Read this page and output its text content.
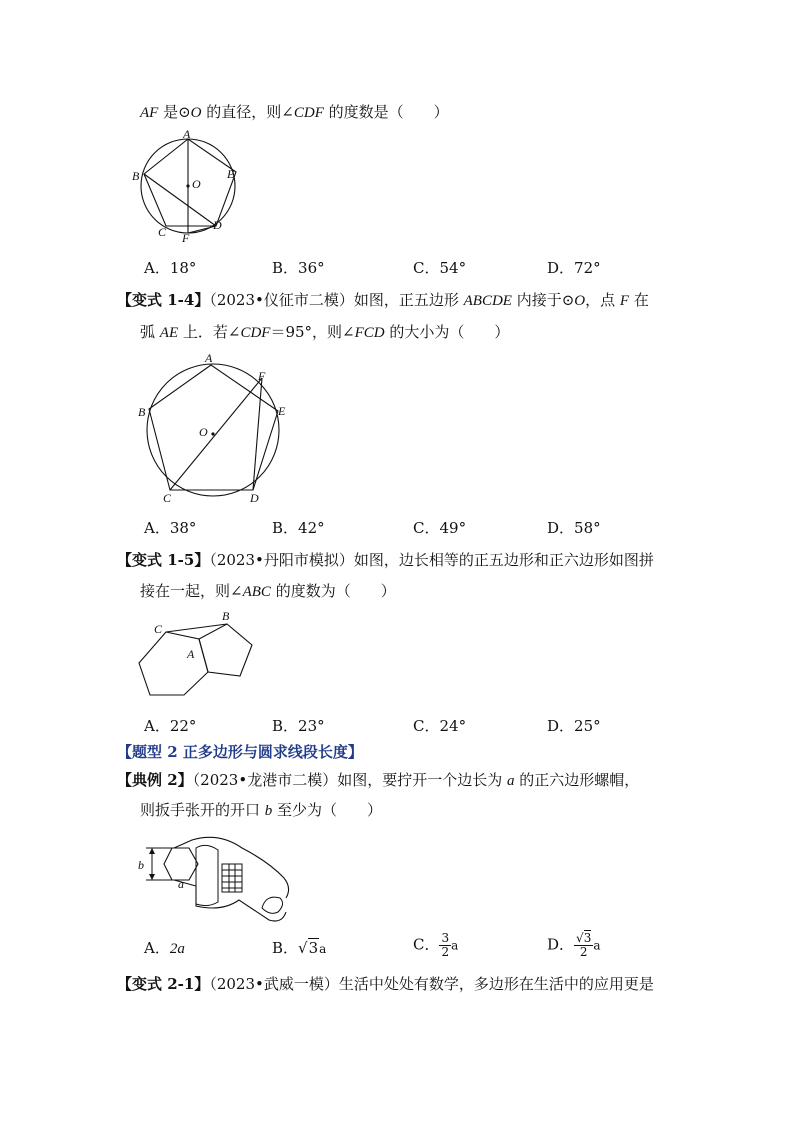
AF 是⊙O 的直径，则∠CDF 的度数是（　　）
A
B
C	D
E
F
O
A．18°	B．36°	C．54°	D．72°
【变式 1-4】（2023•仪征市二模）如图，正五边形 ABCDE 内接于⊙O，点 F 在
弧 AE 上．若∠CDF＝95°，则∠FCD 的大小为（　　）
A
B
C	D
E
F
O
A．38°	B．42°	C．49°	D．58°
【变式 1-5】（2023•丹阳市模拟）如图，边长相等的正五边形和正六边形如图拼
接在一起，则∠ABC 的度数为（　　）
A
B
C
A．22°	B．23°	C．24°	D．25°
【题型 2 正多边形与圆求线段长度】
【典例 2】（2023•龙港市二模）如图，要拧开一个边长为 a 的正六边形螺帽，
则扳手张开的开口 b 至少为（　　）
b
a
A．2a	B．√3a	C． $\frac{3}{2}$ a	D． $\frac{√3}{2}$ a
【变式 2-1】（2023•武威一模）生活中处处有数学，多边形在生活中的应用更是
